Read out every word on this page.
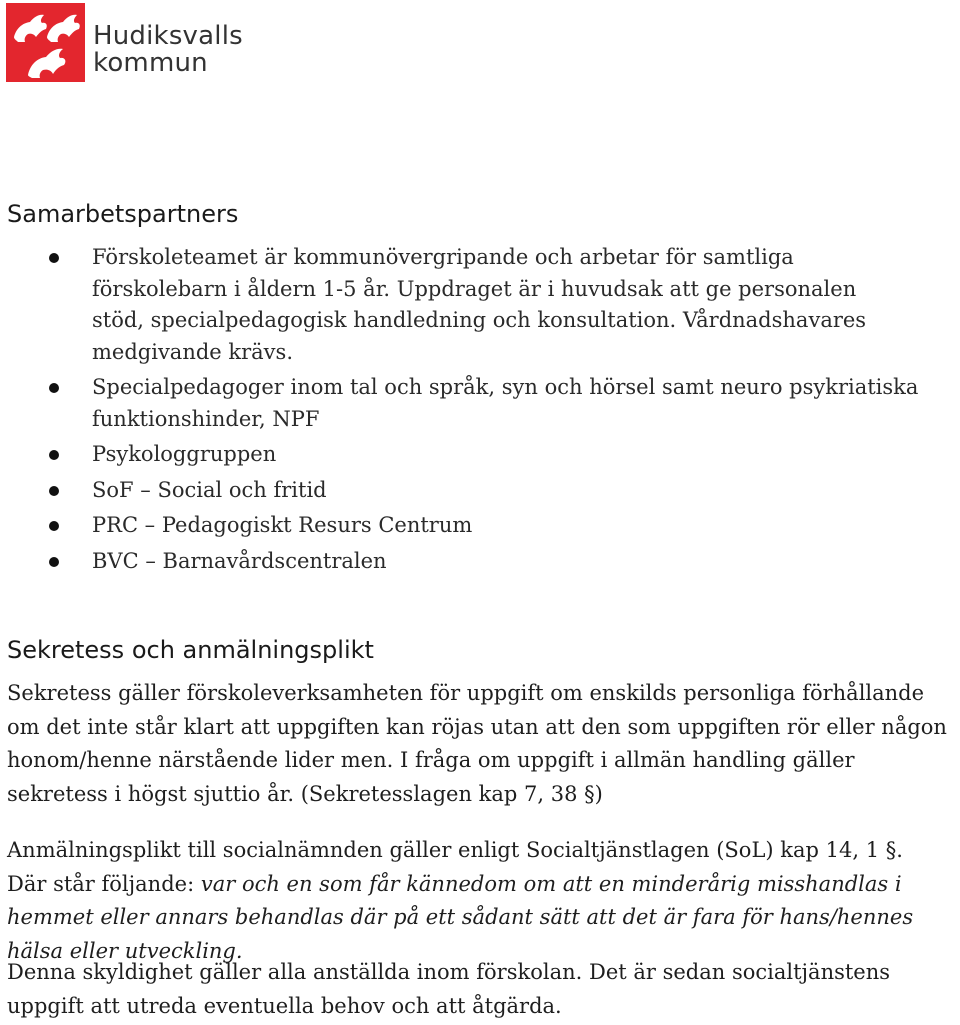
Hudiksvalls
kommun
Samarbetspartners
Förskoleteamet är kommunövergripande och arbetar för samtliga förskolebarn i åldern 1-5 år. Uppdraget är i huvudsak att ge personalen stöd, specialpedagogisk handledning och konsultation. Vårdnadshavares medgivande krävs.
Specialpedagoger inom tal och språk, syn och hörsel samt neuro psykriatiska funktionshinder, NPF
Psykologgruppen
SoF – Social och fritid
PRC – Pedagogiskt Resurs Centrum
BVC – Barnavårdscentralen
Sekretess och anmälningsplikt

Sekretess gäller förskoleverksamheten för uppgift om enskilds personliga förhållande om det inte står klart att uppgiften kan röjas utan att den som uppgiften rör eller någon honom/henne närstående lider men. I fråga om uppgift i allmän handling gäller sekretess i högst sjuttio år. (Sekretesslagen kap 7, 38 §)

Anmälningsplikt till socialnämnden gäller enligt Socialtjänstlagen (SoL) kap 14, 1 §.
Där står följande: var och en som får kännedom om att en minderårig misshandlas i hemmet eller annars behandlas där på ett sådant sätt att det är fara för hans/hennes hälsa eller utveckling.

Denna skyldighet gäller alla anställda inom förskolan. Det är sedan socialtjänstens uppgift att utreda eventuella behov och att åtgärda.
